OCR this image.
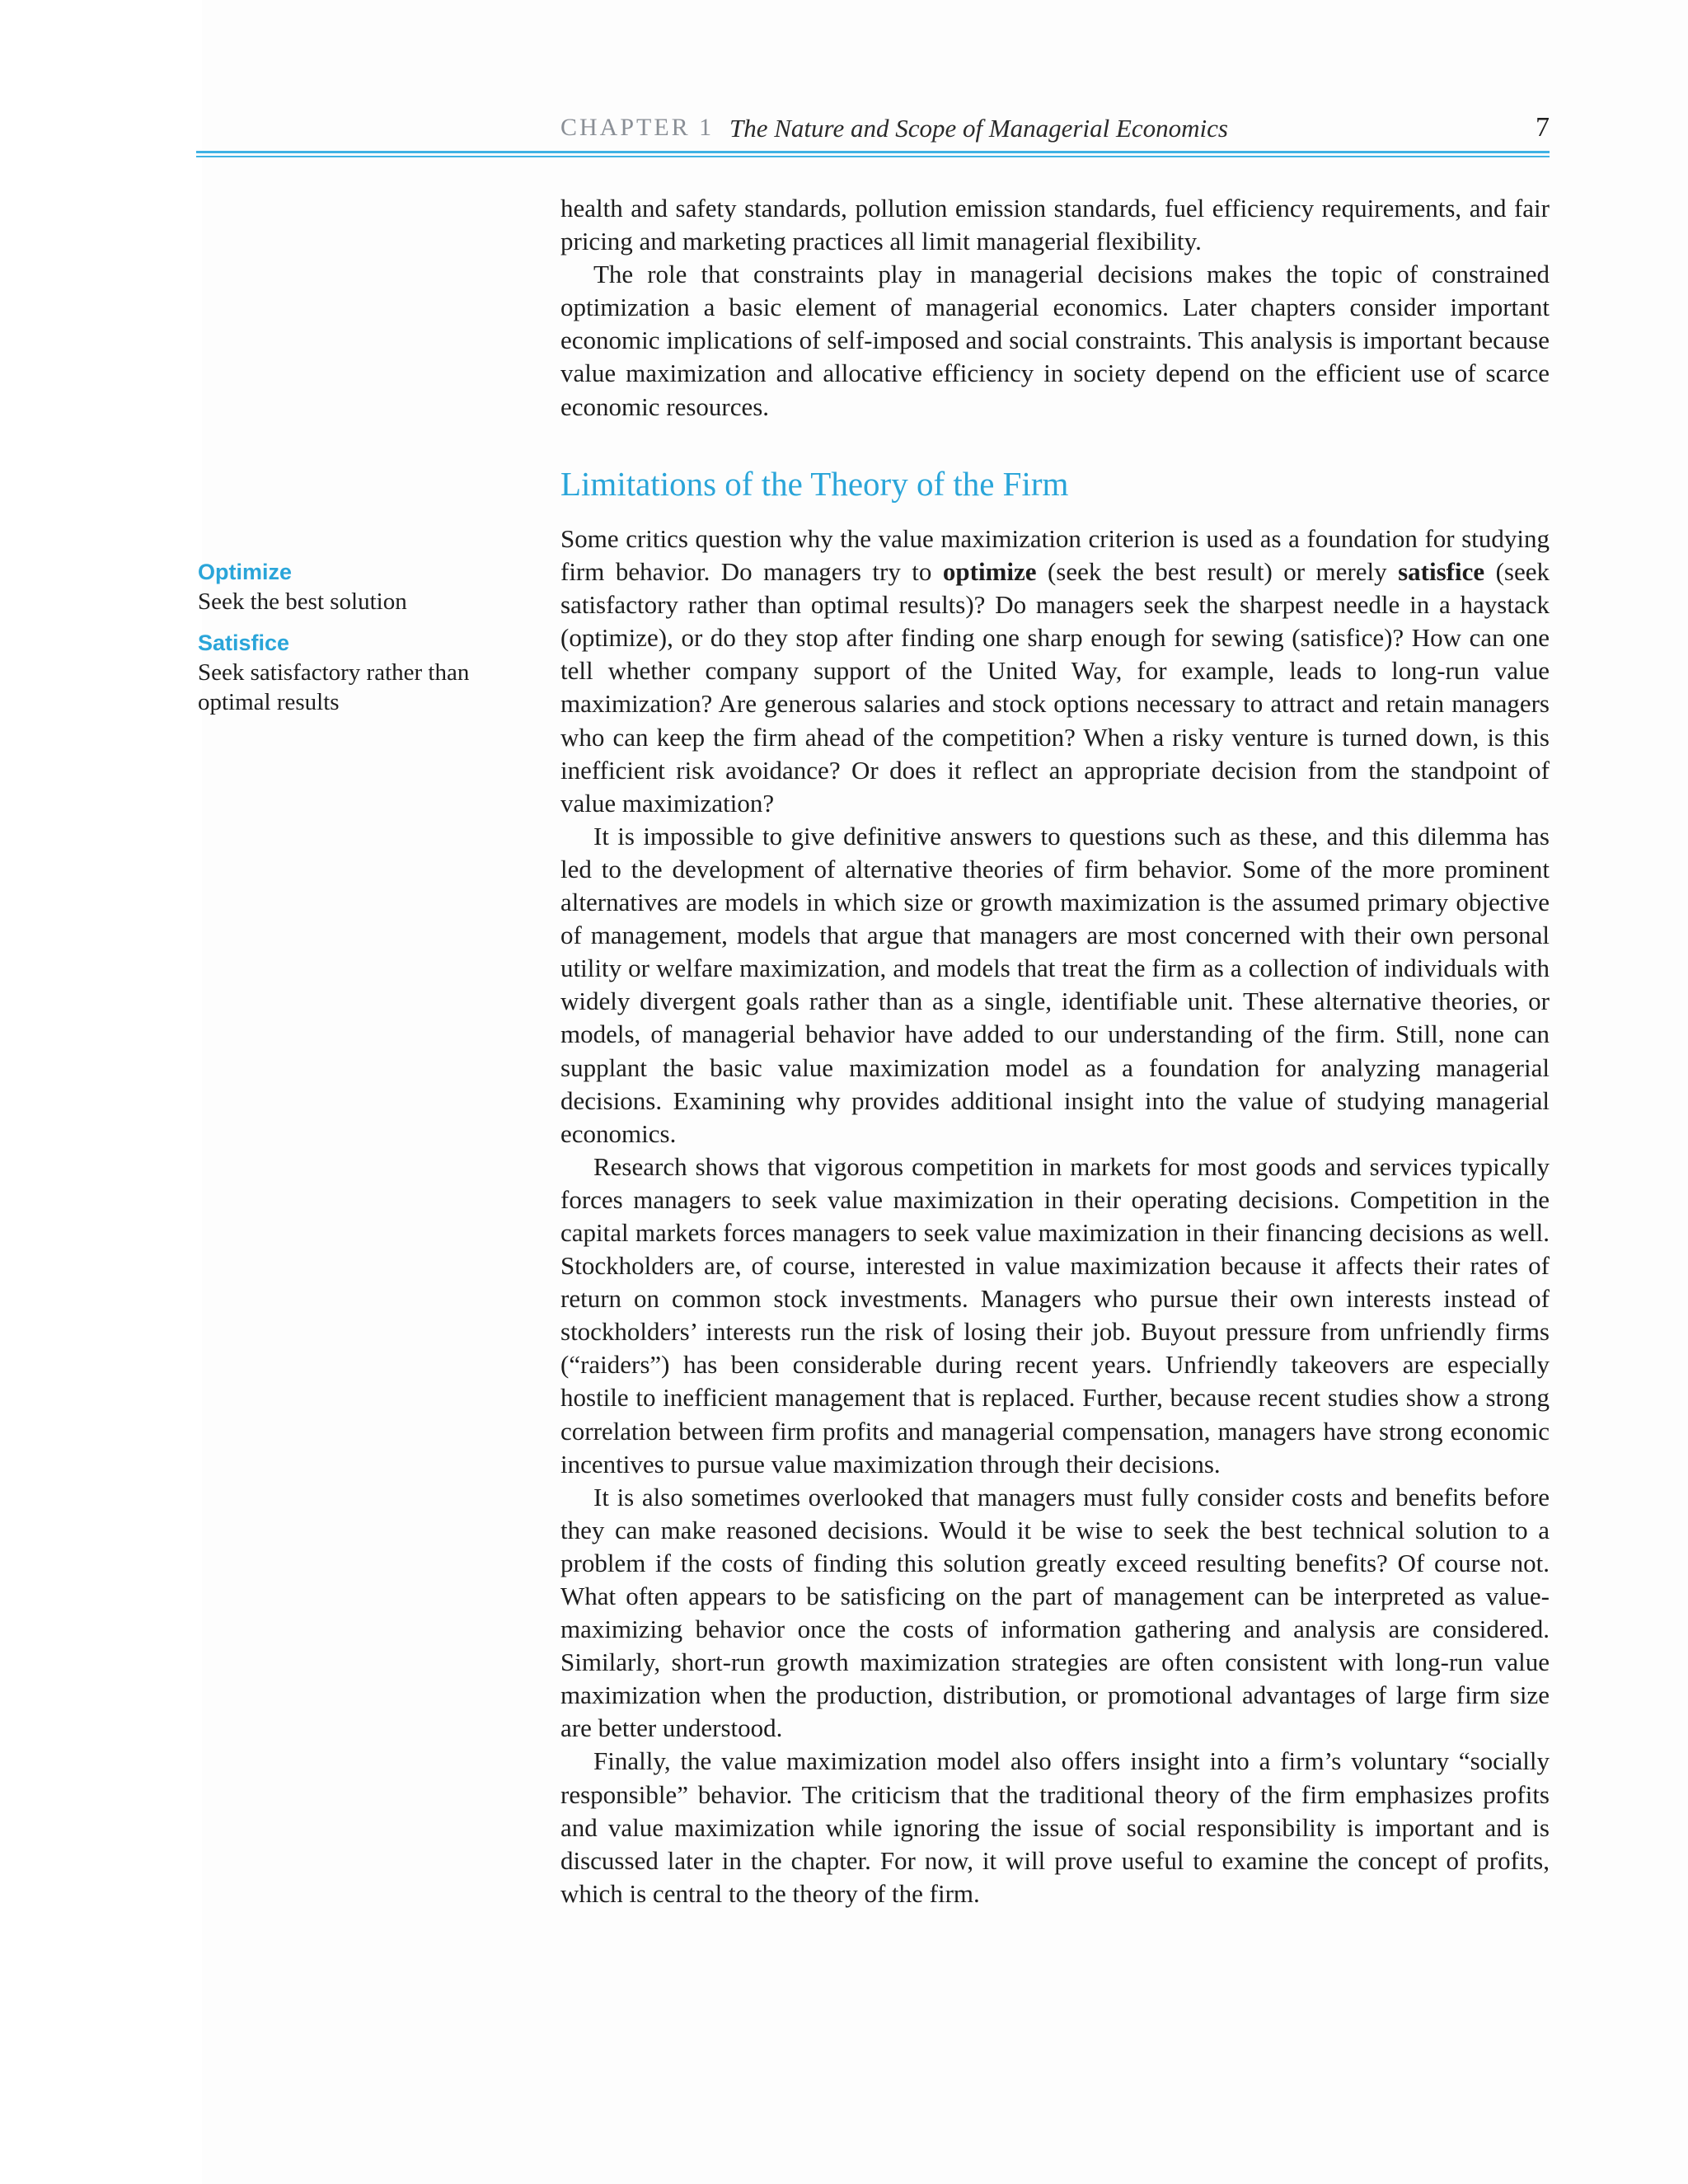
CHAPTER 1 The Nature and Scope of Managerial Economics	7

Optimize

Seek the best solution

Satisfice

Seek satisfactory rather than optimal results

health and safety standards, pollution emission standards, fuel efficiency requirements, and fair pricing and marketing practices all limit managerial flexibility.

The role that constraints play in managerial decisions makes the topic of constrained optimization a basic element of managerial economics. Later chapters consider important economic implications of self-imposed and social constraints. This analysis is important because value maximization and allocative efficiency in society depend on the efficient use of scarce economic resources.

Limitations of the Theory of the Firm

Some critics question why the value maximization criterion is used as a foundation for studying firm behavior. Do managers try to optimize (seek the best result) or merely satisfice (seek satisfactory rather than optimal results)? Do managers seek the sharpest needle in a haystack (optimize), or do they stop after finding one sharp enough for sewing (satisfice)? How can one tell whether company support of the United Way, for example, leads to long-run value maximization? Are generous salaries and stock options necessary to attract and retain managers who can keep the firm ahead of the competition? When a risky venture is turned down, is this inefficient risk avoidance? Or does it reflect an appropriate decision from the standpoint of value maximization?

It is impossible to give definitive answers to questions such as these, and this dilemma has led to the development of alternative theories of firm behavior. Some of the more prominent alternatives are models in which size or growth maximization is the assumed primary objective of management, models that argue that managers are most concerned with their own personal utility or welfare maximization, and models that treat the firm as a collection of individuals with widely divergent goals rather than as a single, identifiable unit. These alternative theories, or models, of managerial behavior have added to our understanding of the firm. Still, none can supplant the basic value maximization model as a foundation for analyzing managerial decisions. Examining why provides additional insight into the value of studying managerial economics.

Research shows that vigorous competition in markets for most goods and services typically forces managers to seek value maximization in their operating decisions. Competition in the capital markets forces managers to seek value maximization in their financing decisions as well. Stockholders are, of course, interested in value maximization because it affects their rates of return on common stock investments. Managers who pursue their own interests instead of stockholders’ interests run the risk of losing their job. Buyout pressure from unfriendly firms (“raiders”) has been considerable during recent years. Unfriendly takeovers are especially hostile to inefficient management that is replaced. Further, because recent studies show a strong correlation between firm profits and managerial compensation, managers have strong economic incentives to pursue value maximization through their decisions.

It is also sometimes overlooked that managers must fully consider costs and benefits before they can make reasoned decisions. Would it be wise to seek the best technical solution to a problem if the costs of finding this solution greatly exceed resulting benefits? Of course not. What often appears to be satisficing on the part of management can be interpreted as value-maximizing behavior once the costs of information gathering and analysis are considered. Similarly, short-run growth maximization strategies are often consistent with long-run value maximization when the production, distribution, or promotional advantages of large firm size are better understood.

Finally, the value maximization model also offers insight into a firm’s voluntary “socially responsible” behavior. The criticism that the traditional theory of the firm emphasizes profits and value maximization while ignoring the issue of social responsibility is important and is discussed later in the chapter. For now, it will prove useful to examine the concept of profits, which is central to the theory of the firm.
